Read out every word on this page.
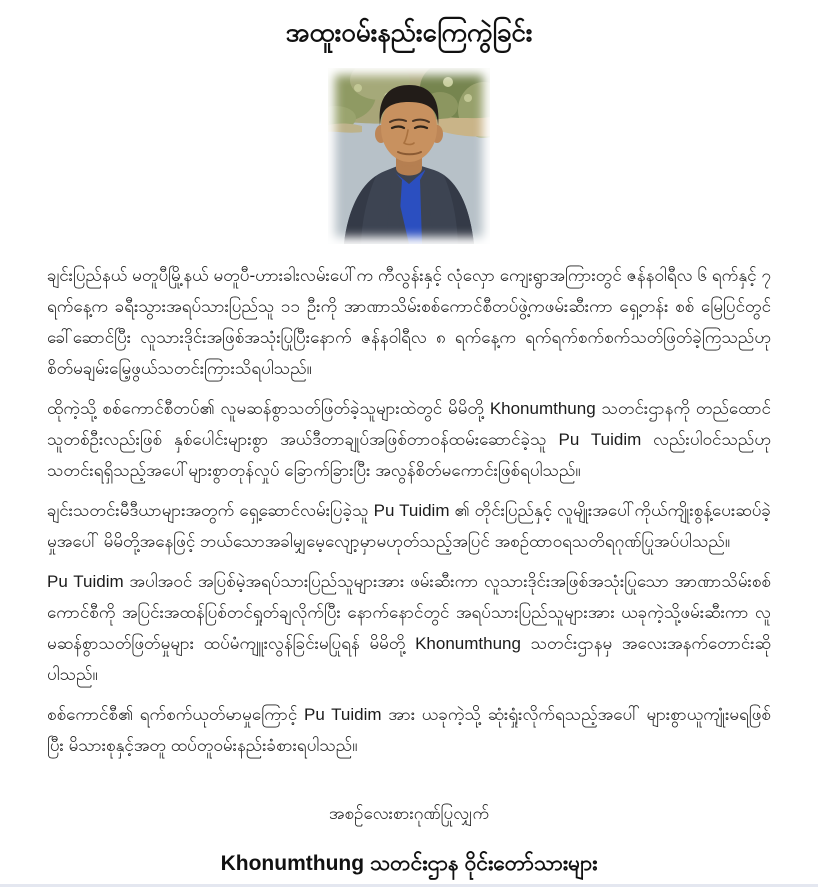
အထူးဝမ်းနည်းကြေကွဲခြင်း

ချင်းပြည်နယ် မတူပီမြို့နယ် မတူပီ-ဟားခါးလမ်းပေါ်က ကီလွန်းနှင့် လုံလှော ကျေးရွာအကြားတွင် ဇန်နဝါရီလ ၆ ရက်နှင့် ၇ ရက်နေ့က ခရီးသွားအရပ်သားပြည်သူ ၁၁ ဦးကို အာဏာသိမ်းစစ်ကောင်စီတပ်ဖွဲ့ကဖမ်းဆီးကာ ရှေ့တန်း စစ် မြေပြင်တွင် ခေါ်ဆောင်ပြီး လူသားဒိုင်းအဖြစ်အသုံးပြုပြီးနောက် ဇန်နဝါရီလ ၈ ရက်နေ့က ရက်ရက်စက်စက်သတ်ဖြတ်ခဲ့ကြသည်ဟု စိတ်မချမ်းမြေ့ဖွယ်သတင်းကြားသိရပါသည်။

ထိုကဲ့သို့ စစ်ကောင်စီတပ်၏ လူမဆန်စွာသတ်ဖြတ်ခဲ့သူများထဲတွင် မိမိတို့ Khonumthung သတင်းဌာနကို တည်ထောင်သူတစ်ဦးလည်းဖြစ် နှစ်ပေါင်းများစွာ အယ်ဒီတာချုပ်အဖြစ်တာဝန်ထမ်းဆောင်ခဲ့သူ Pu Tuidim လည်းပါဝင်သည်ဟု သတင်းရရှိသည့်အပေါ်များစွာတုန်လှုပ် ခြောက်ခြားပြီး အလွန်စိတ်မကောင်းဖြစ်ရပါသည်။

ချင်းသတင်းမီဒီယာများအတွက် ရှေ့ဆောင်လမ်းပြခဲ့သူ Pu Tuidim ၏ တိုင်းပြည်နှင့် လူမျိုးအပေါ်ကိုယ်ကျိုးစွန့်ပေးဆပ်ခဲ့မှုအပေါ် မိမိတို့အနေဖြင့် ဘယ်သောအခါမျှမေ့လျော့မှာမဟုတ်သည့်အပြင် အစဉ်ထာဝရသတိရဂုဏ်ပြုအပ်ပါသည်။

Pu Tuidim အပါအဝင် အပြစ်မဲ့အရပ်သားပြည်သူများအား ဖမ်းဆီးကာ လူသားဒိုင်းအဖြစ်အသုံးပြုသော အာဏာသိမ်းစစ်ကောင်စီကို အပြင်းအထန်ပြစ်တင်ရှုတ်ချလိုက်ပြီး နောက်နောင်တွင် အရပ်သားပြည်သူများအား ယခုကဲ့သို့ဖမ်းဆီးကာ လူမဆန်စွာသတ်ဖြတ်မှုများ ထပ်မံကျူးလွန်ခြင်းမပြုရန် မိမိတို့ Khonumthung သတင်းဌာနမှ အလေးအနက်တောင်းဆိုပါသည်။

စစ်ကောင်စီ၏ ရက်စက်ယုတ်မာမှုကြောင့် Pu Tuidim အား ယခုကဲ့သို့ ဆုံးရှုံးလိုက်ရသည့်အပေါ် များစွာယူကျုံးမရဖြစ်ပြီး မိသားစုနှင့်အတူ ထပ်တူဝမ်းနည်းခံစားရပါသည်။

အစဉ်လေးစားဂုဏ်ပြုလျှက်
Khonumthung သတင်းဌာန ဝိုင်းတော်သားများ
